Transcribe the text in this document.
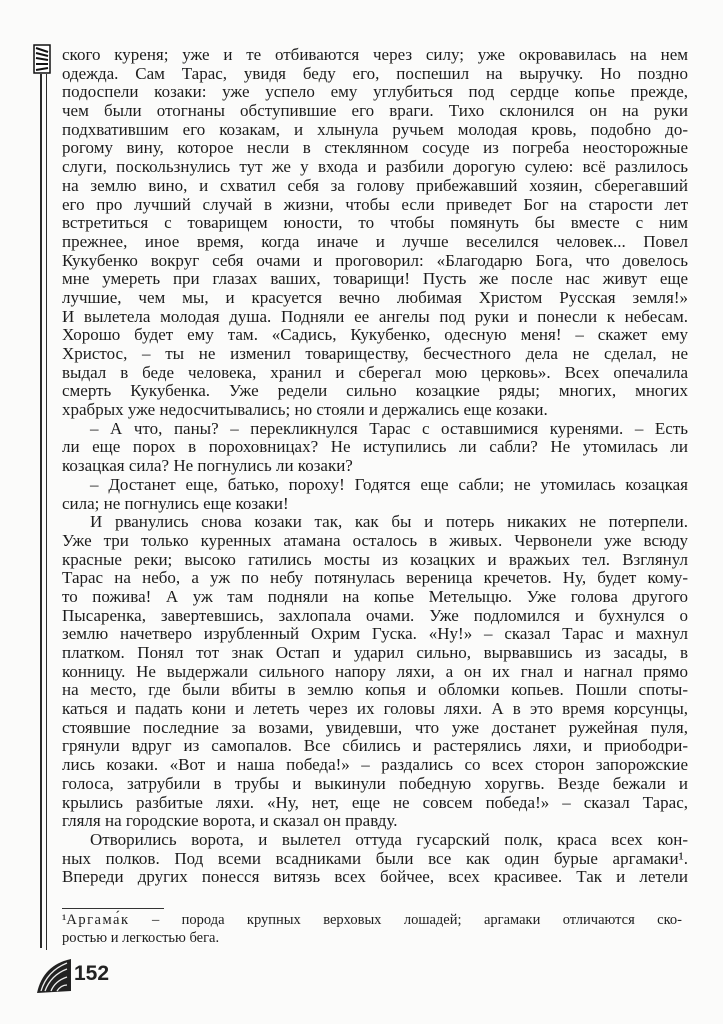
ского куреня; уже и те отбиваются через силу; уже окровавилась на нем
одежда. Сам Тарас, увидя беду его, поспешил на выручку. Но поздно
подоспели козаки: уже успело ему углубиться под сердце копье прежде,
чем были отогнаны обступившие его враги. Тихо склонился он на руки
подхватившим его козакам, и хлынула ручьем молодая кровь, подобно до-
рогому вину, которое несли в стеклянном сосуде из погреба неосторожные
слуги, поскользнулись тут же у входа и разбили дорогую сулею: всё разлилось
на землю вино, и схватил себя за голову прибежавший хозяин, сберегавший
его про лучший случай в жизни, чтобы если приведет Бог на старости лет
встретиться с товарищем юности, то чтобы помянуть бы вместе с ним
прежнее, иное время, когда иначе и лучше веселился человек... Повел
Кукубенко вокруг себя очами и проговорил: «Благодарю Бога, что довелось
мне умереть при глазах ваших, товарищи! Пусть же после нас живут еще
лучшие, чем мы, и красуется вечно любимая Христом Русская земля!»
И вылетела молодая душа. Подняли ее ангелы под руки и понесли к небесам.
Хорошо будет ему там. «Садись, Кукубенко, одесную меня! – скажет ему
Христос, – ты не изменил товариществу, бесчестного дела не сделал, не
выдал в беде человека, хранил и сберегал мою церковь». Всех опечалила
смерть Кукубенка. Уже редели сильно козацкие ряды; многих, многих
храбрых уже недосчитывались; но стояли и держались еще козаки.
– А что, паны? – перекликнулся Тарас с оставшимися куренями. – Есть
ли еще порох в пороховницах? Не иступились ли сабли? Не утомилась ли
козацкая сила? Не погнулись ли козаки?
– Достанет еще, батько, пороху! Годятся еще сабли; не утомилась козацкая
сила; не погнулись еще козаки!
И рванулись снова козаки так, как бы и потерь никаких не потерпели.
Уже три только куренных атамана осталось в живых. Червонели уже всюду
красные реки; высоко гатились мосты из козацких и вражьих тел. Взглянул
Тарас на небо, а уж по небу потянулась вереница кречетов. Ну, будет кому-
то пожива! А уж там подняли на копье Метелыцю. Уже голова другого
Пысаренка, завертевшись, захлопала очами. Уже подломился и бухнулся о
землю начетверо изрубленный Охрим Гуска. «Ну!» – сказал Тарас и махнул
платком. Понял тот знак Остап и ударил сильно, вырвавшись из засады, в
конницу. Не выдержали сильного напору ляхи, а он их гнал и нагнал прямо
на место, где были вбиты в землю копья и обломки копьев. Пошли споты-
каться и падать кони и лететь через их головы ляхи. А в это время корсунцы,
стоявшие последние за возами, увидевши, что уже достанет ружейная пуля,
грянули вдруг из самопалов. Все сбились и растерялись ляхи, и приободри-
лись козаки. «Вот и наша победа!» – раздались со всех сторон запорожские
голоса, затрубили в трубы и выкинули победную хоругвь. Везде бежали и
крылись разбитые ляхи. «Ну, нет, еще не совсем победа!» – сказал Тарас,
гляля на городские ворота, и сказал он правду.
Отворились ворота, и вылетел оттуда гусарский полк, краса всех кон-
ных полков. Под всеми всадниками были все как один бурые аргамаки¹.
Впереди других понесся витязь всех бойчее, всех красивее. Так и летели
¹Аргама́к – порода крупных верховых лошадей; аргамаки отличаются ско-
ростью и легкостью бега.
152
